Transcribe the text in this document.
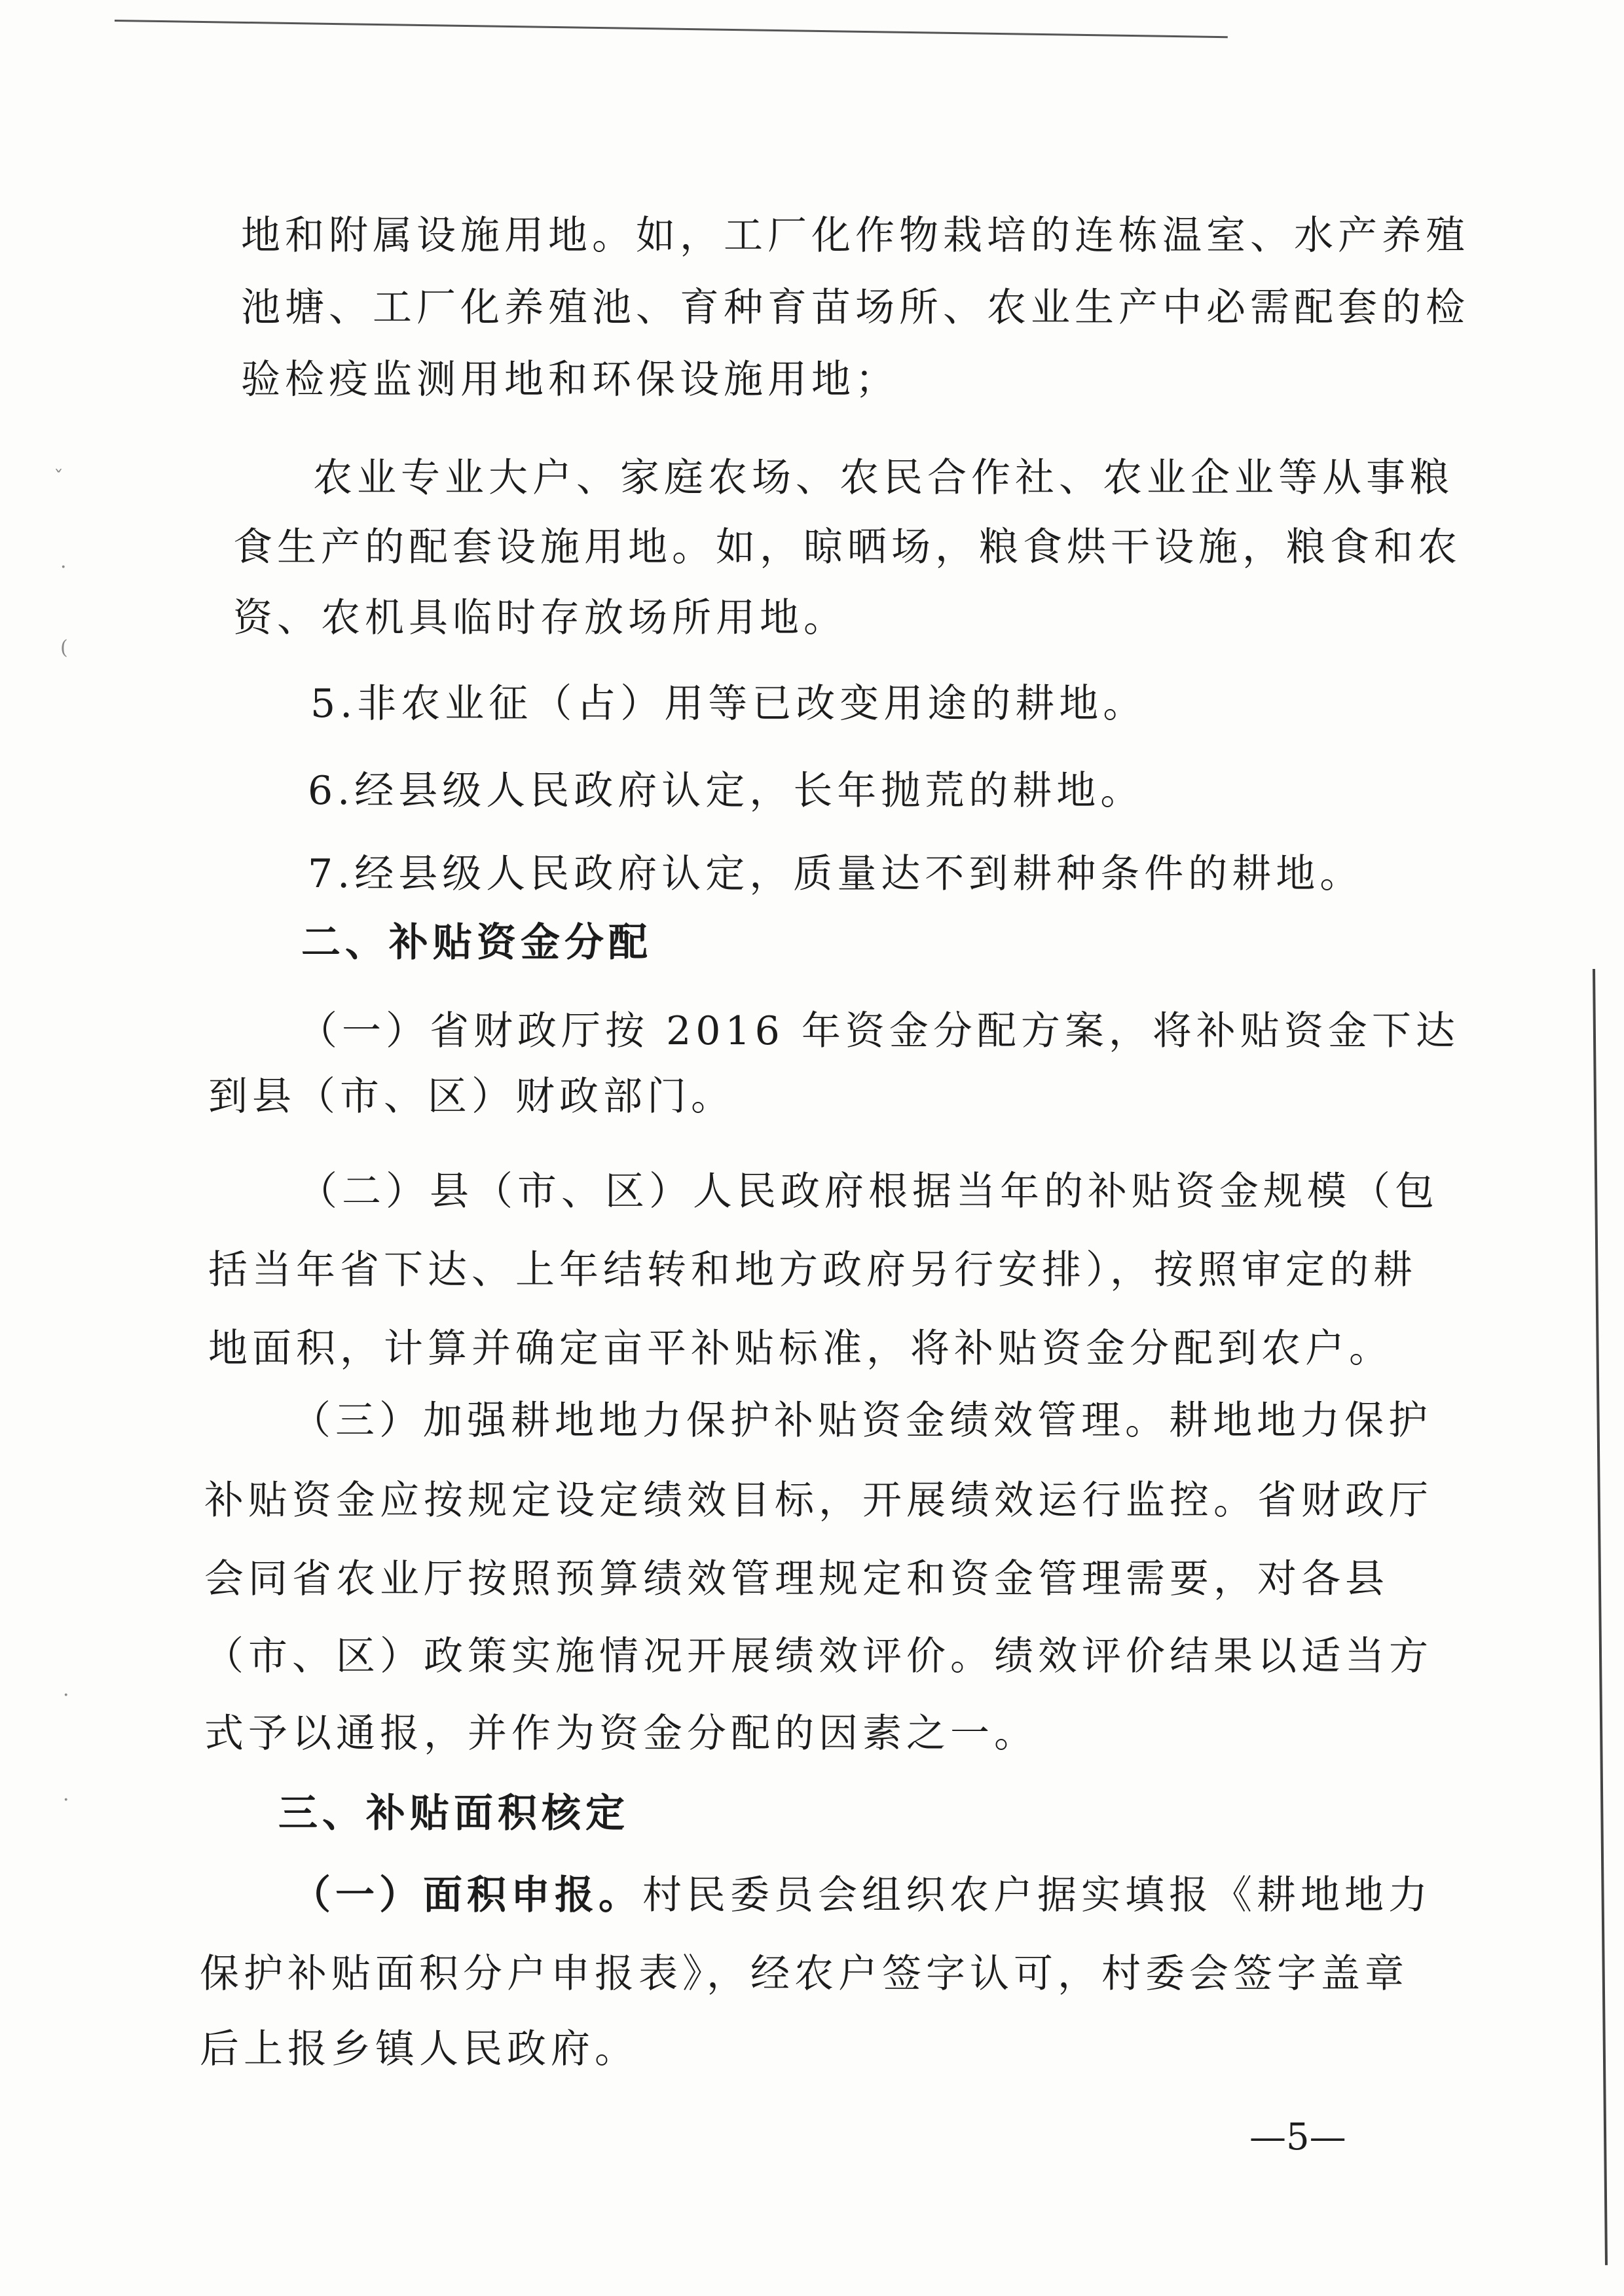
ˇ
·
(
·
·
地和附属设施用地。如，工厂化作物栽培的连栋温室、水产养殖
池塘、工厂化养殖池、育种育苗场所、农业生产中必需配套的检
验检疫监测用地和环保设施用地；
农业专业大户、家庭农场、农民合作社、农业企业等从事粮
食生产的配套设施用地。如，晾晒场，粮食烘干设施，粮食和农
资、农机具临时存放场所用地。
5.非农业征（占）用等已改变用途的耕地。
6.经县级人民政府认定，长年抛荒的耕地。
7.经县级人民政府认定，质量达不到耕种条件的耕地。
二、补贴资金分配
（一）省财政厅按 2016 年资金分配方案，将补贴资金下达
到县（市、区）财政部门。
（二）县（市、区）人民政府根据当年的补贴资金规模（包
括当年省下达、上年结转和地方政府另行安排），按照审定的耕
地面积，计算并确定亩平补贴标准，将补贴资金分配到农户。
（三）加强耕地地力保护补贴资金绩效管理。耕地地力保护
补贴资金应按规定设定绩效目标，开展绩效运行监控。省财政厅
会同省农业厅按照预算绩效管理规定和资金管理需要，对各县
（市、区）政策实施情况开展绩效评价。绩效评价结果以适当方
式予以通报，并作为资金分配的因素之一。
三、补贴面积核定
（一）面积申报。村民委员会组织农户据实填报《耕地地力
保护补贴面积分户申报表》，经农户签字认可，村委会签字盖章
后上报乡镇人民政府。
—5—
